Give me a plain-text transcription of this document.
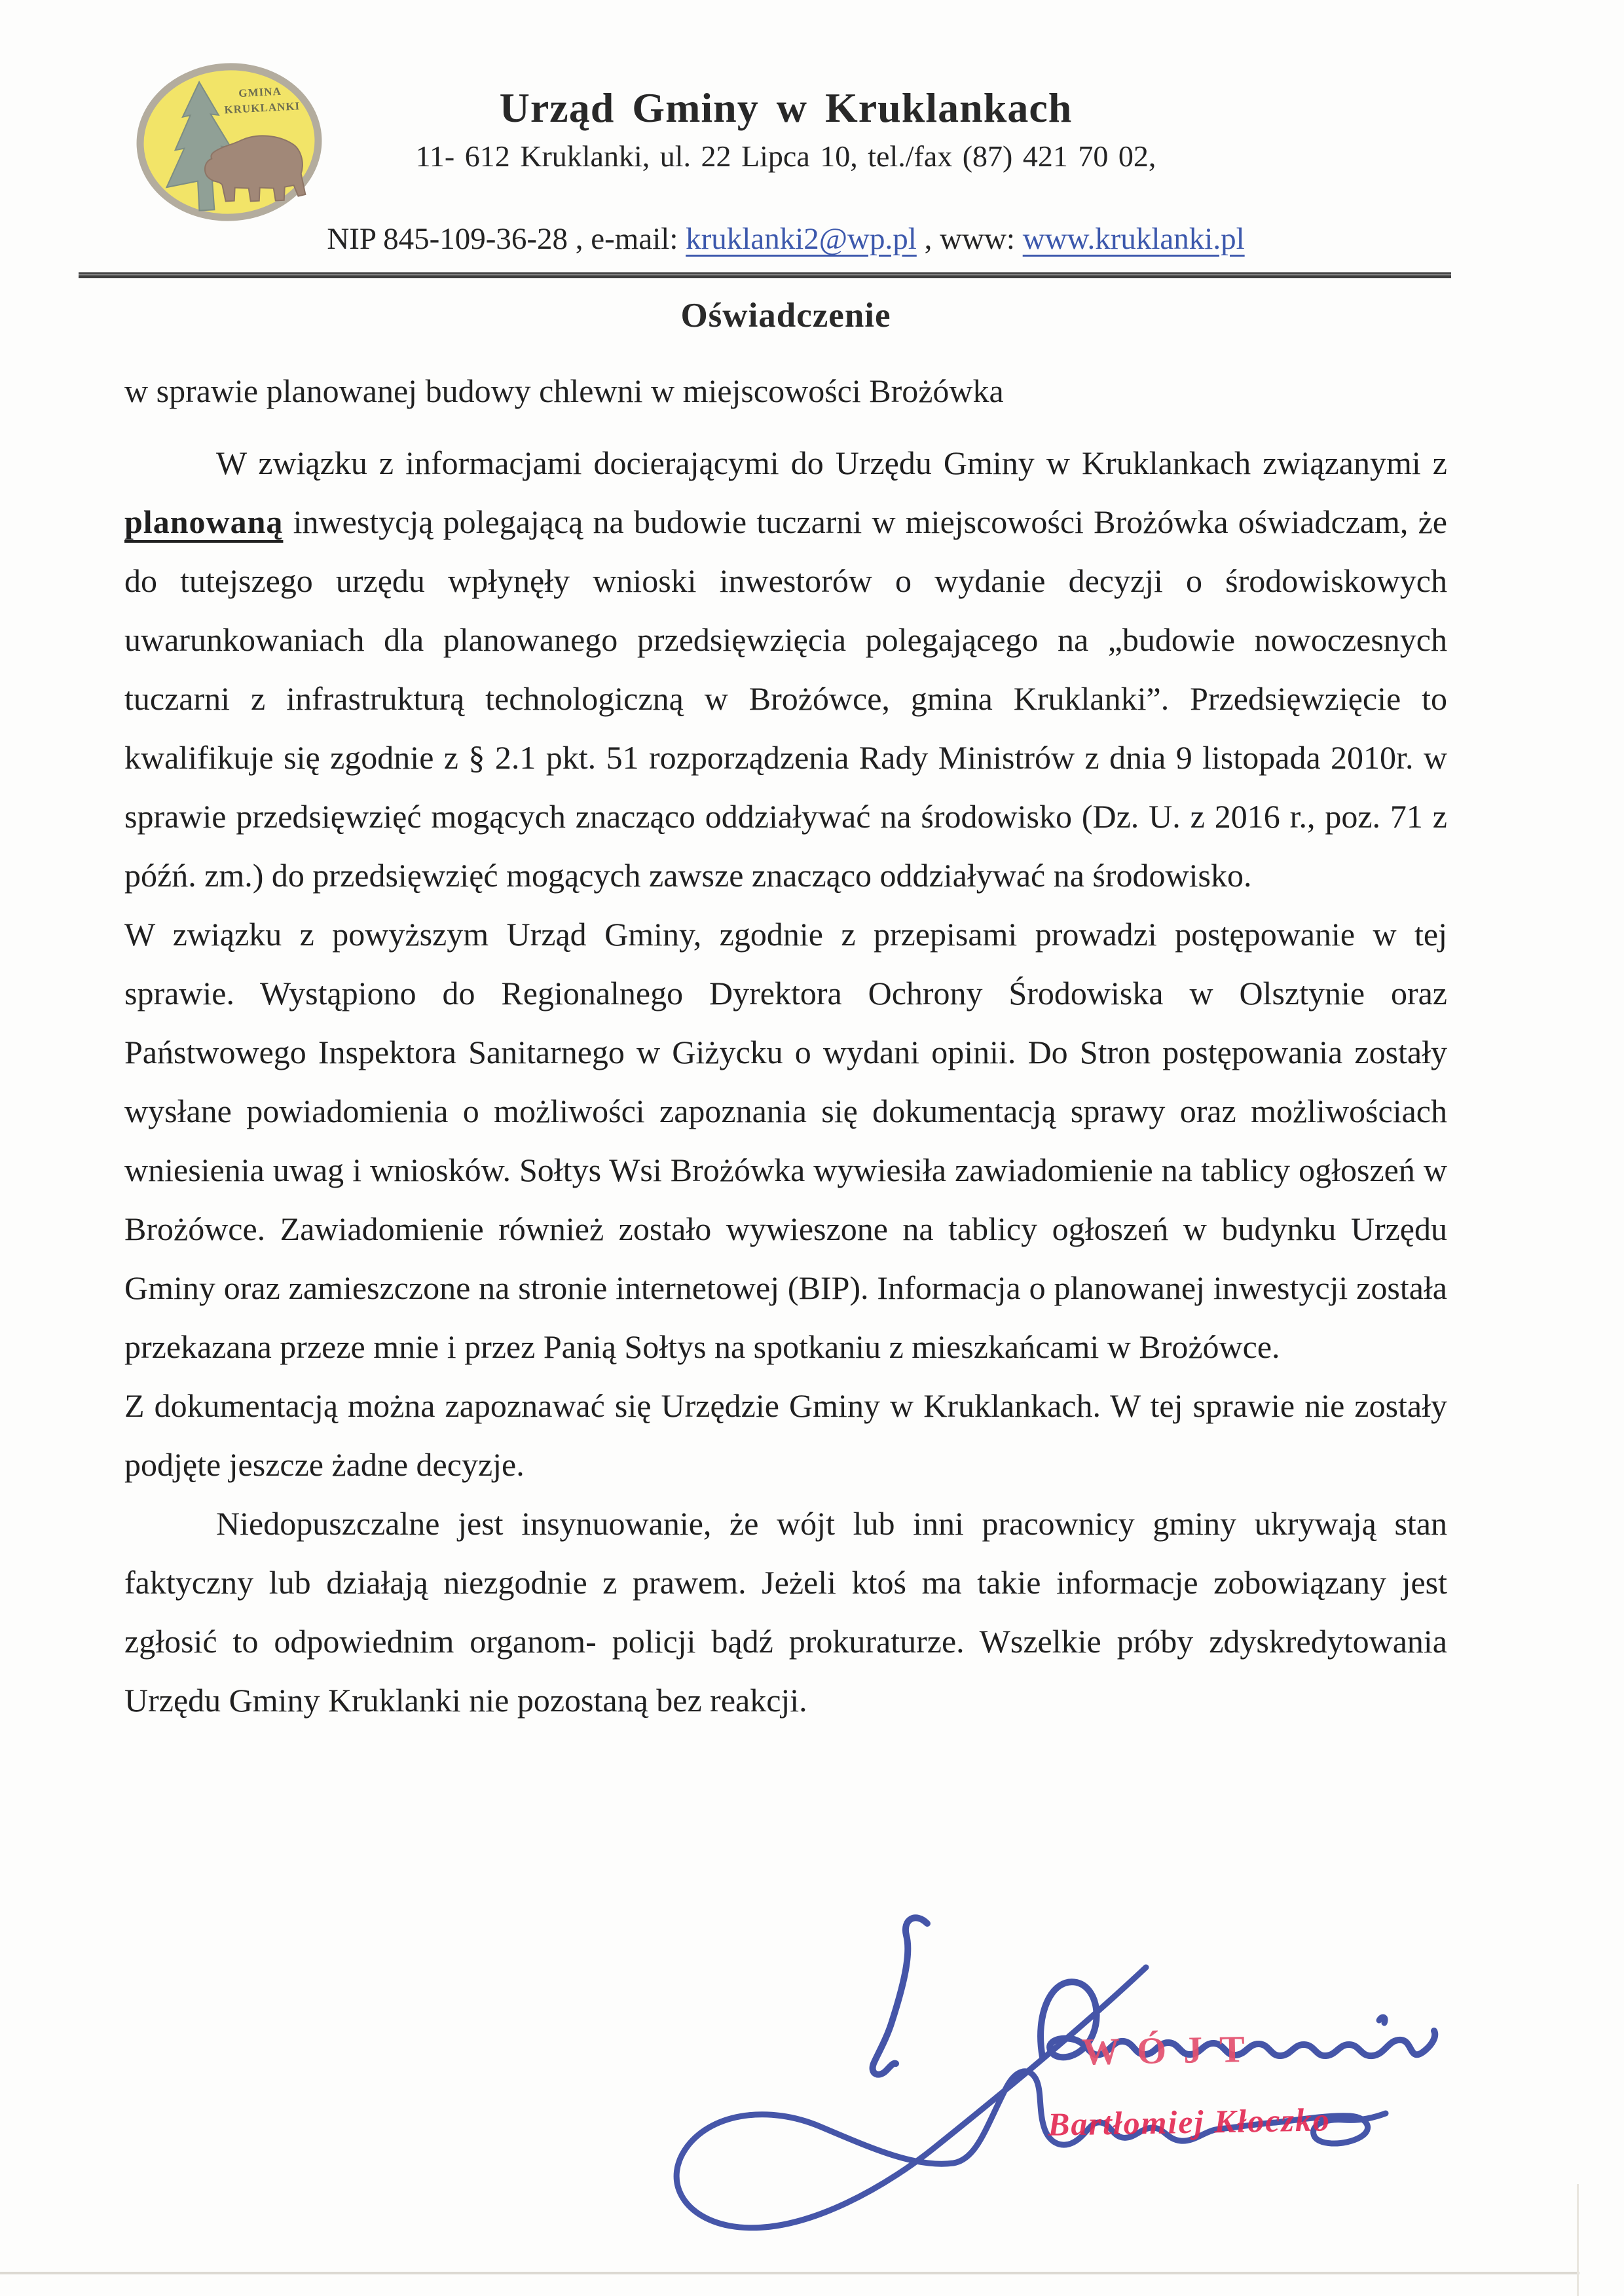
GMINA
KRUKLANKI	Urząd Gminy w Kruklankach
11- 612 Kruklanki, ul. 22 Lipca 10, tel./fax (87) 421 70 02,
NIP 845-109-36-28 , e-mail: kruklanki2@wp.pl , www: www.kruklanki.pl
Oświadczenie
w sprawie planowanej budowy chlewni w miejscowości Brożówka

W związku z informacjami docierającymi do Urzędu Gminy w Kruklankach związanymi z planowaną inwestycją polegającą na budowie tuczarni w miejscowości Brożówka oświadczam, że do tutejszego urzędu wpłynęły wnioski inwestorów o wydanie decyzji o środowiskowych uwarunkowaniach dla planowanego przedsięwzięcia polegającego na „budowie nowoczesnych tuczarni z infrastrukturą technologiczną w Brożówce, gmina Kruklanki”. Przedsięwzięcie to kwalifikuje się zgodnie z § 2.1 pkt. 51 rozporządzenia Rady Ministrów z dnia 9 listopada 2010r. w sprawie przedsięwzięć mogących znacząco oddziaływać na środowisko (Dz. U. z 2016 r., poz. 71 z późń. zm.) do przedsięwzięć mogących zawsze znacząco oddziaływać na środowisko.

W związku z powyższym Urząd Gminy, zgodnie z przepisami prowadzi postępowanie w tej sprawie. Wystąpiono do Regionalnego Dyrektora Ochrony Środowiska w Olsztynie oraz Państwowego Inspektora Sanitarnego w Giżycku o wydani opinii. Do Stron postępowania zostały wysłane powiadomienia o możliwości zapoznania się dokumentacją sprawy oraz możliwościach wniesienia uwag i wniosków. Sołtys Wsi Brożówka wywiesiła zawiadomienie na tablicy ogłoszeń w Brożówce. Zawiadomienie również zostało wywieszone na tablicy ogłoszeń w budynku Urzędu Gminy oraz zamieszczone na stronie internetowej (BIP). Informacja o planowanej inwestycji została przekazana przeze mnie i przez Panią Sołtys na spotkaniu z mieszkańcami w Brożówce.

Z dokumentacją można zapoznawać się Urzędzie Gminy w Kruklankach. W tej sprawie nie zostały podjęte jeszcze żadne decyzje.

Niedopuszczalne jest insynuowanie, że wójt lub inni pracownicy gminy ukrywają stan faktyczny lub działają niezgodnie z prawem. Jeżeli ktoś ma takie informacje zobowiązany jest zgłosić to odpowiednim organom- policji bądź prokuraturze. Wszelkie próby zdyskredytowania Urzędu Gminy Kruklanki nie pozostaną bez reakcji.

WÓJT
Bartłomiej Kłoczko
